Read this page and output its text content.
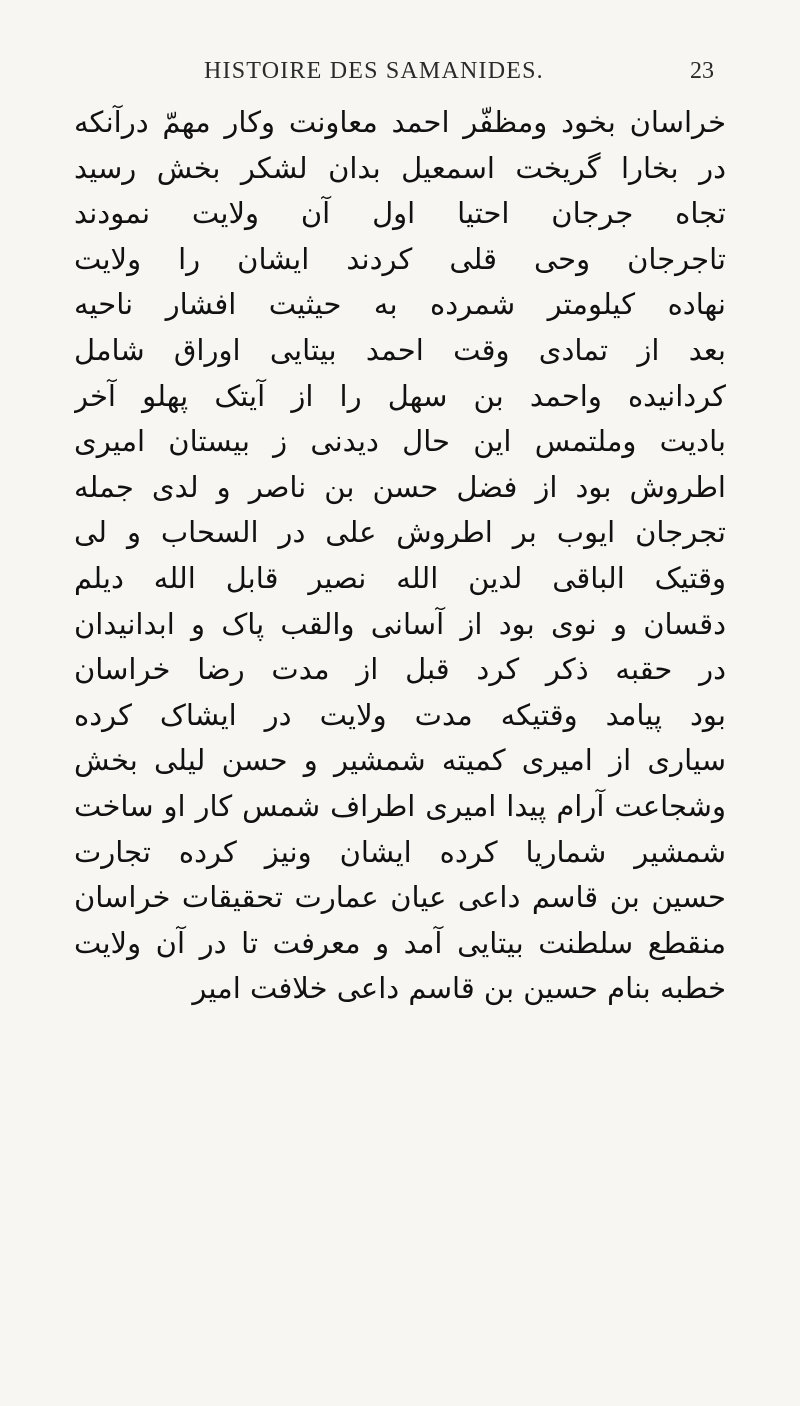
HISTOIRE DES SAMANIDES.	23
خراسان بخود ومظفّر احمد معاونت وکار مهمّ درآنکه
در بخارا گریخت اسمعیل بدان لشکر بخش رسید
تجاه جرجان احتیا اول آن ولايت نمودند
تاجرجان وحی قلی کردند ایشان را ولايت
نهاده کیلومتر شمرده به حیثیت افشار ناحیه
بعد از تمادی وقت احمد بیتایی اوراق شامل
کردانیده واحمد بن سهل را از آیتک پهلو آخر
بادیت وملتمس این حال دیدنی ز بیستان امیری
اطروش بود از فضل حسن بن ناصر و لدی جمله
تجرجان ایوب بر اطروش علی در السحاب و لی
وقتیک الباقی لدین الله نصیر قابل الله دیلم
دقسان و نوی بود از آسانی والقب پاک و ابدانیدان
در حقبه ذکر کرد قبل از مدت رضا خراسان
بود پیامد وقتیکه مدت ولایت در ایشاک کرده
سیاری از امیری کمیته شمشیر و حسن لیلی بخش
وشجاعت آرام پیدا امیری اطراف شمس کار او ساخت
شمشیر شماریا کرده ایشان ونیز کرده تجارت
حسین بن قاسم داعی عیان عمارت تحقیقات خراسان
منقطع سلطنت بیتایی آمد و معرفت تا در آن ولايت
خطبه بنام حسین بن قاسم داعی خلافت امیر
